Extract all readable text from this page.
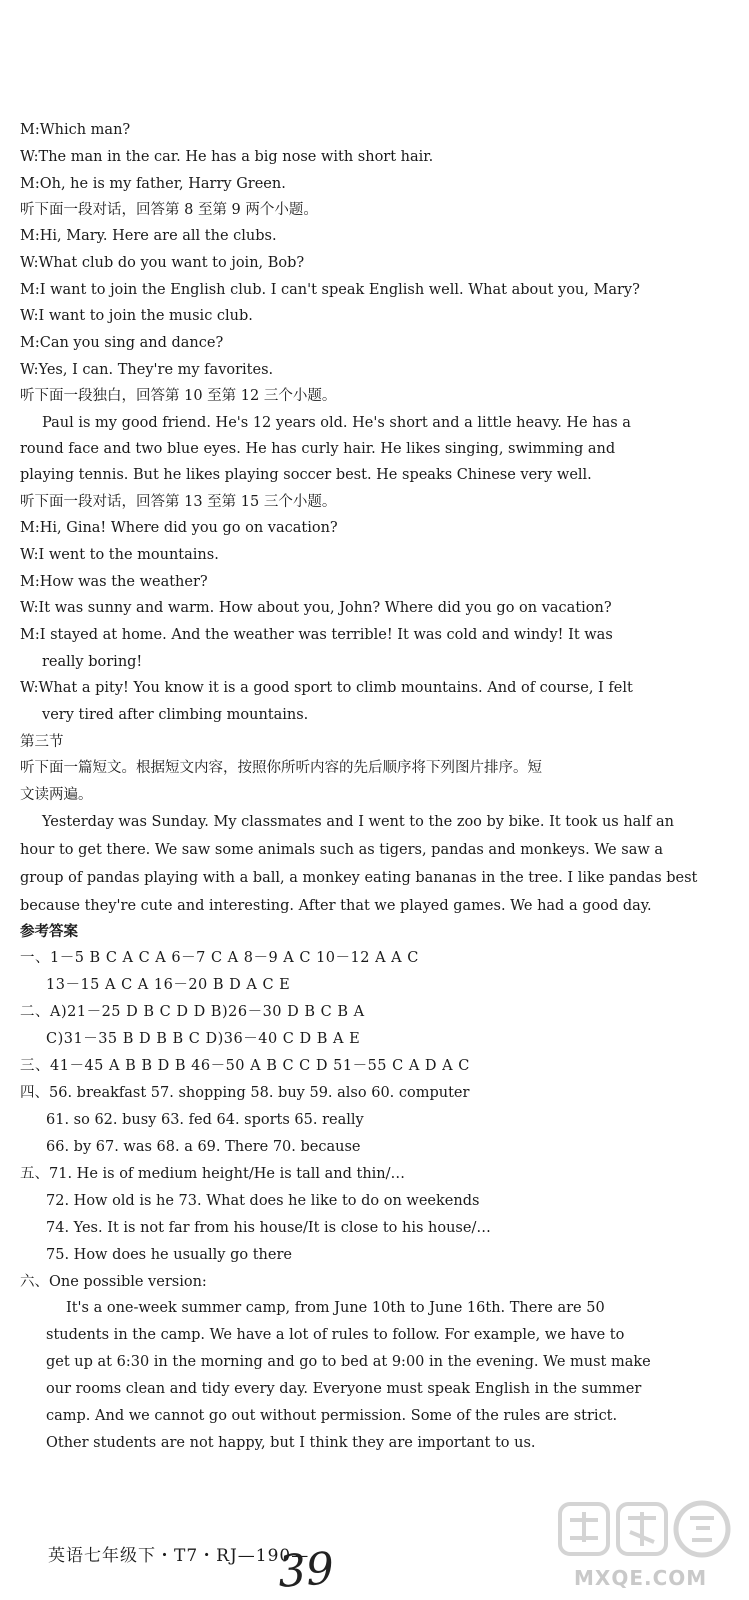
M:Which man?
W:The man in the car. He has a big nose with short hair.
M:Oh, he is my father, Harry Green.
听下面一段对话，回答第 8 至第 9 两个小题。
M:Hi, Mary. Here are all the clubs.
W:What club do you want to join, Bob?
M:I want to join the English club. I can't speak English well. What about you, Mary?
W:I want to join the music club.
M:Can you sing and dance?
W:Yes, I can. They're my favorites.
听下面一段独白，回答第 10 至第 12 三个小题。
Paul is my good friend. He's 12 years old. He's short and a little heavy. He has a
round face and two blue eyes. He has curly hair. He likes singing, swimming and
playing tennis. But he likes playing soccer best. He speaks Chinese very well.
听下面一段对话，回答第 13 至第 15 三个小题。
M:Hi, Gina! Where did you go on vacation?
W:I went to the mountains.
M:How was the weather?
W:It was sunny and warm. How about you, John? Where did you go on vacation?
M:I stayed at home. And the weather was terrible! It was cold and windy! It was
really boring!
W:What a pity! You know it is a good sport to climb mountains. And of course, I felt
very tired after climbing mountains.
第三节
听下面一篇短文。根据短文内容，按照你所听内容的先后顺序将下列图片排序。短
文读两遍。
Yesterday was Sunday. My classmates and I went to the zoo by bike. It took us half an
hour to get there. We saw some animals such as tigers, pandas and monkeys. We saw a
group of pandas playing with a ball, a monkey eating bananas in the tree. I like pandas best
because they're cute and interesting. After that we played games. We had a good day.
参考答案
一、1－5 B C A C A 6－7 C A 8－9 A C 10－12 A A C
13－15 A C A 16－20 B D A C E
二、A)21－25 D B C D D B)26－30 D B C B A
C)31－35 B D B B C D)36－40 C D B A E
三、41－45 A B B D B 46－50 A B C C D 51－55 C A D A C
四、56. breakfast 57. shopping 58. buy 59. also 60. computer
61. so 62. busy 63. fed 64. sports 65. really
66. by 67. was 68. a 69. There 70. because
五、71. He is of medium height/He is tall and thin/…
72. How old is he 73. What does he like to do on weekends
74. Yes. It is not far from his house/It is close to his house/…
75. How does he usually go there
六、One possible version:
It's a one-week summer camp, from June 10th to June 16th. There are 50
students in the camp. We have a lot of rules to follow. For example, we have to
get up at 6:30 in the morning and go to bed at 9:00 in the evening. We must make
our rooms clean and tidy every day. Everyone must speak English in the summer
camp. And we cannot go out without permission. Some of the rules are strict.
Other students are not happy, but I think they are important to us.
英语七年级下・T7・RJ—190—
39	MXQE.COM
